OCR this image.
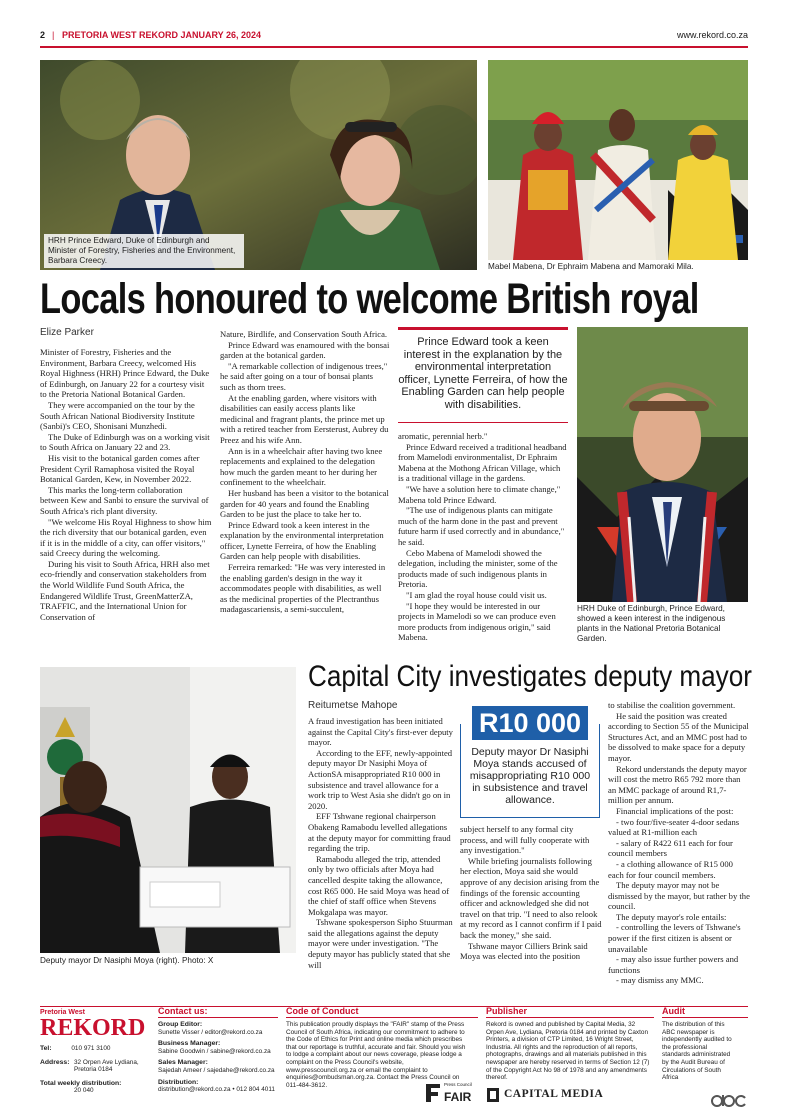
2 | PRETORIA WEST REKORD JANUARY 26, 2024	www.rekord.co.za
HRH Prince Edward, Duke of Edinburgh and Minister of Forestry, Fisheries and the Environment, Barbara Creecy.
Mabel Mabena, Dr Ephraim Mabena and Mamoraki Mila.
Locals honoured to welcome British royal
Elize Parker

Minister of Forestry, Fisheries and the Environment, Barbara Creecy, welcomed His Royal Highness (HRH) Prince Edward, the Duke of Edinburgh, on January 22 for a courtesy visit to the Pretoria National Botanical Garden.

They were accompanied on the tour by the South African National Biodiversity Institute (Sanbi)'s CEO, Shonisani Munzhedi.

The Duke of Edinburgh was on a working visit to South Africa on January 22 and 23.

His visit to the botanical garden comes after President Cyril Ramaphosa visited the Royal Botanical Garden, Kew, in November 2022.

This marks the long-term collaboration between Kew and Sanbi to ensure the survival of South Africa's rich plant diversity.

"We welcome His Royal Highness to show him the rich diversity that our botanical garden, even if it is in the middle of a city, can offer visitors," said Creecy during the welcoming.

During his visit to South Africa, HRH also met eco-friendly and conservation stakeholders from the World Wildlife Fund South Africa, the Endangered Wildlife Trust, GreenMatterZA, TRAFFIC, and the International Union for Conservation of

Nature, Birdlife, and Conservation South Africa.

Prince Edward was enamoured with the bonsai garden at the botanical garden.

"A remarkable collection of indigenous trees," he said after going on a tour of bonsai plants such as thorn trees.

At the enabling garden, where visitors with disabilities can easily access plants like medicinal and fragrant plants, the prince met up with a retired teacher from Eersterust, Aubrey du Preez and his wife Ann.

Ann is in a wheelchair after having two knee replacements and explained to the delegation how much the garden meant to her during her confinement to the wheelchair.

Her husband has been a visitor to the botanical garden for 40 years and found the Enabling Garden to be just the place to take her to.

Prince Edward took a keen interest in the explanation by the environmental interpretation officer, Lynette Ferreira, of how the Enabling Garden can help people with disabilities.

Ferreira remarked: "He was very interested in the enabling garden's design in the way it accommodates people with disabilities, as well as the medicinal properties of the Plectranthus madagascariensis, a semi-succulent,

Prince Edward took a keen interest in the explanation by the environmental interpretation officer, Lynette Ferreira, of how the Enabling Garden can help people with disabilities.

aromatic, perennial herb."

Prince Edward received a traditional headband from Mamelodi environmentalist, Dr Ephraim Mabena at the Mothong African Village, which is a traditional village in the gardens.

"We have a solution here to climate change," Mabena told Prince Edward.

"The use of indigenous plants can mitigate much of the harm done in the past and prevent future harm if used correctly and in abundance," he said.

Cebo Mabena of Mamelodi showed the delegation, including the minister, some of the products made of such indigenous plants in Pretoria.

"I am glad the royal house could visit us.

"I hope they would be interested in our projects in Mamelodi so we can produce even more products from indigenous origin," said Mabena.

HRH Duke of Edinburgh, Prince Edward, showed a keen interest in the indigenous plants in the National Pretoria Botanical Garden.
Deputy mayor Dr Nasiphi Moya (right). Photo: X
Capital City investigates deputy mayor
Reitumetse Mahope

A fraud investigation has been initiated against the Capital City's first-ever deputy mayor.

According to the EFF, newly-appointed deputy mayor Dr Nasiphi Moya of ActionSA misappropriated R10 000 in subsistence and travel allowance for a work trip to West Asia she didn't go on in 2020.

EFF Tshwane regional chairperson Obakeng Ramabodu levelled allegations at the deputy mayor for committing fraud regarding the trip.

Ramabodu alleged the trip, attended only by two officials after Moya had cancelled despite taking the allowance, cost R65 000. He said Moya was head of the chief of staff office when Stevens Mokgalapa was mayor.

Tshwane spokesperson Sipho Stuurman said the allegations against the deputy mayor were under investigation. "The deputy mayor has publicly stated that she will

R10 000
Deputy mayor Dr Nasiphi Moya stands accused of misappropriating R10 000 in subsistence and travel allowance.

subject herself to any formal city process, and will fully cooperate with any investigation."

While briefing journalists following her election, Moya said she would approve of any decision arising from the findings of the forensic accounting officer and acknowledged she did not travel on that trip. "I need to also relook at my record as I cannot confirm if I paid back the money," she said.

Tshwane mayor Cilliers Brink said Moya was elected into the position

to stabilise the coalition government.

He said the position was created according to Section 55 of the Municipal Structures Act, and an MMC post had to be dissolved to make space for a deputy mayor.

Rekord understands the deputy mayor will cost the metro R65 792 more than an MMC package of around R1,7-million per annum.

Financial implications of the post:

- two four/five-seater 4-door sedans valued at R1-million each

- salary of R422 611 each for four council members

- a clothing allowance of R15 000 each for four council members.

The deputy mayor may not be dismissed by the mayor, but rather by the council.

The deputy mayor's role entails:

- controlling the levers of Tshwane's power if the first citizen is absent or unavailable

- may also issue further powers and functions

- may dismiss any MMC.

Pretoria West
REKORD
Tel:	010 971 3100
Address: 32 Orpen Ave Lydiana, Pretoria 0184
Total weekly distribution:
20 040
Contact us:
Group Editor:
Sunette Visser / editor@rekord.co.za
Business Manager:
Sabine Goodwin / sabine@rekord.co.za
Sales Manager:
Sajedah Ameer / sajedahe@rekord.co.za
Distribution:
distribution@rekord.co.za • 012 804 4011
Code of Conduct
This publication proudly displays the "FAIR" stamp of the Press Council of South Africa, indicating our commitment to adhere to the Code of Ethics for Print and online media which prescribes that our reportage is truthful, accurate and fair. Should you wish to lodge a complaint about our news coverage, please lodge a complaint on the Press Council's website, www.presscouncil.org.za or email the complaint to enquiries@ombudsman.org.za. Contact the Press Council on 011-484-3612.	Press Council
FAIR
Publisher
Rekord is owned and published by Capital Media, 32 Orpen Ave, Lydiana, Pretoria 0184 and printed by Caxton Printers, a division of CTP Limited, 16 Wright Street, Industria. All rights and the reproduction of all reports, photographs, drawings and all materials published in this newspaper are hereby reserved in terms of Section 12 (7) of the Copyright Act No 98 of 1978 and any amendments thereof.
CAPITAL MEDIA
Audit
The distribution of this ABC newspaper is independently audited to the professional standards administrated by the Audit Bureau of Circulations of South Africa
